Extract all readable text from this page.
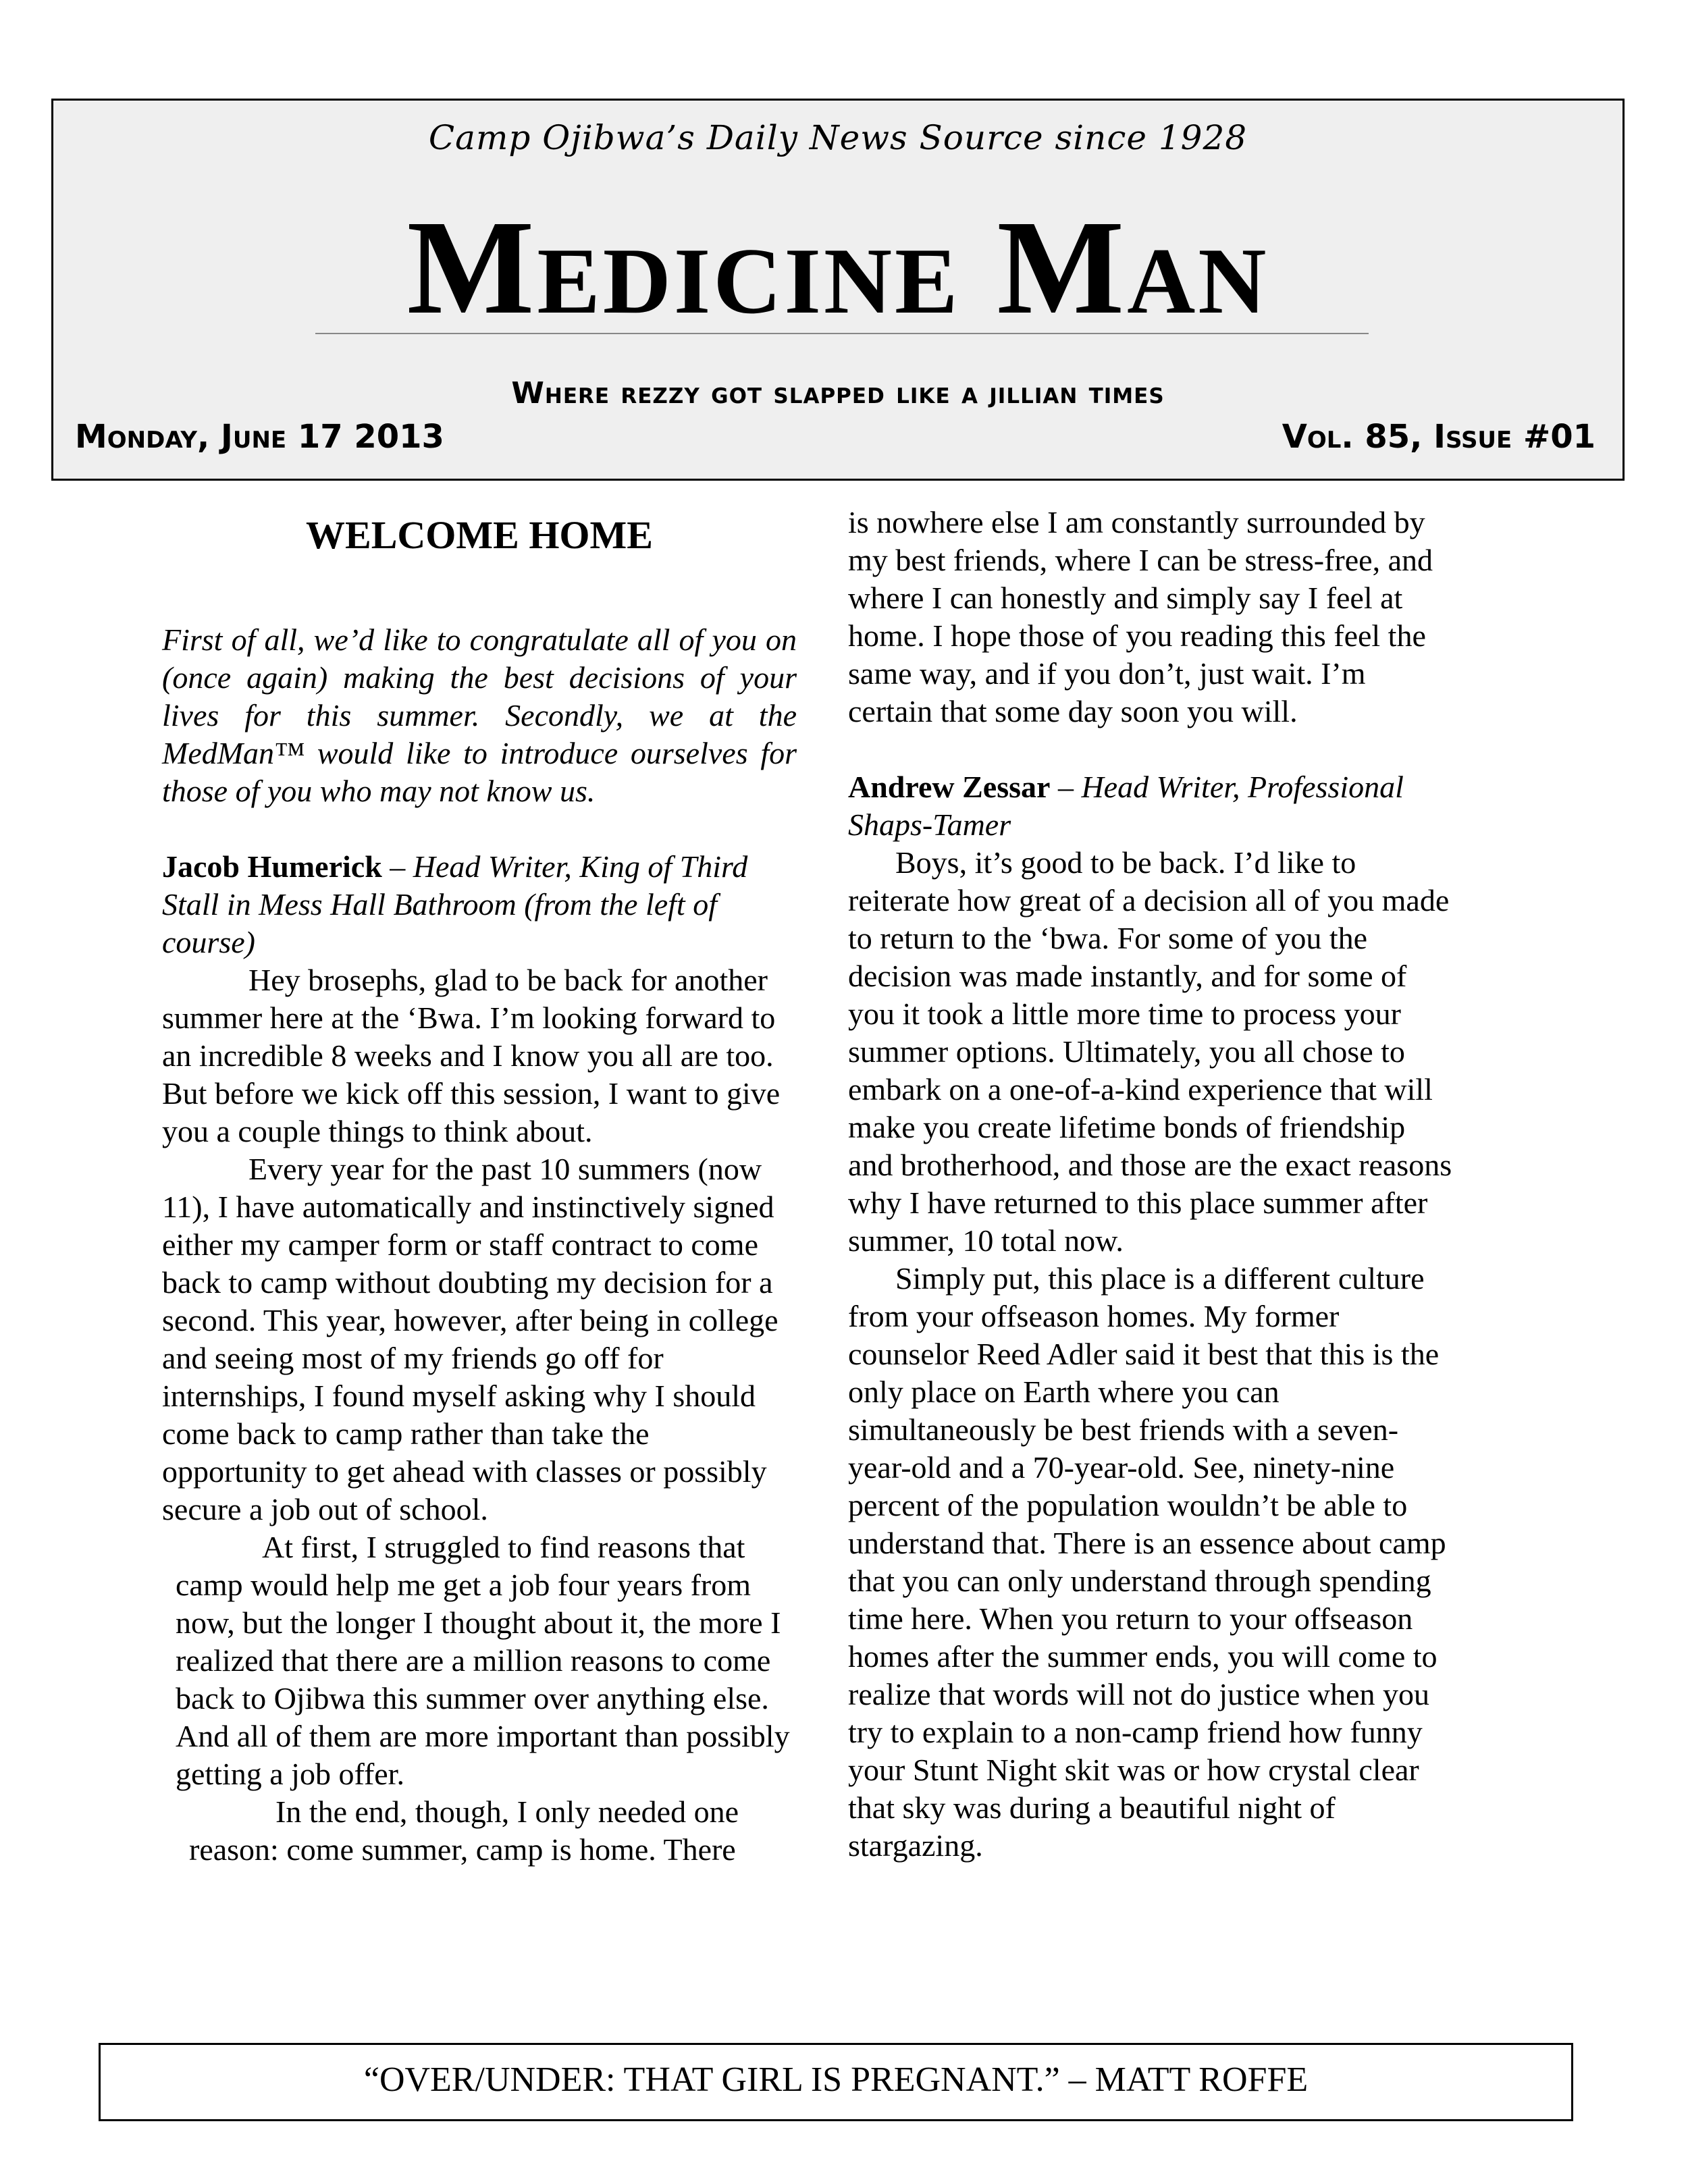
Camp Ojibwa’s Daily News Source since 1928
Medicine Man
Where rezzy got slapped like a jillian times
Monday, June 17 2013	Vol. 85, Issue #01
WELCOME HOME

First of all, we’d like to congratulate all of you on (once again) making the best decisions of your lives for this summer. Secondly, we at the MedMan™ would like to introduce ourselves for those of you who may not know us.

Jacob Humerick – Head Writer, King of Third Stall in Mess Hall Bathroom (from the left of course)

Hey brosephs, glad to be back for another summer here at the ‘Bwa. I’m looking forward to an incredible 8 weeks and I know you all are too. But before we kick off this session, I want to give you a couple things to think about.

Every year for the past 10 summers (now 11), I have automatically and instinctively signed either my camper form or staff contract to come back to camp without doubting my decision for a second. This year, however, after being in college and seeing most of my friends go off for internships, I found myself asking why I should come back to camp rather than take the opportunity to get ahead with classes or possibly secure a job out of school.

At first, I struggled to find reasons that camp would help me get a job four years from now, but the longer I thought about it, the more I realized that there are a million reasons to come back to Ojibwa this summer over anything else. And all of them are more important than possibly getting a job offer.

In the end, though, I only needed one reason: come summer, camp is home. There

is nowhere else I am constantly surrounded by my best friends, where I can be stress-free, and where I can honestly and simply say I feel at home. I hope those of you reading this feel the same way, and if you don’t, just wait. I’m certain that some day soon you will.

Andrew Zessar – Head Writer, Professional Shaps-Tamer

Boys, it’s good to be back. I’d like to reiterate how great of a decision all of you made to return to the ‘bwa. For some of you the decision was made instantly, and for some of you it took a little more time to process your summer options. Ultimately, you all chose to embark on a one-of-a-kind experience that will make you create lifetime bonds of friendship and brotherhood, and those are the exact reasons why I have returned to this place summer after summer, 10 total now.

Simply put, this place is a different culture from your offseason homes. My former counselor Reed Adler said it best that this is the only place on Earth where you can simultaneously be best friends with a seven-year-old and a 70-year-old. See, ninety-nine percent of the population wouldn’t be able to understand that. There is an essence about camp that you can only understand through spending time here. When you return to your offseason homes after the summer ends, you will come to realize that words will not do justice when you try to explain to a non-camp friend how funny your Stunt Night skit was or how crystal clear that sky was during a beautiful night of stargazing.

“OVER/UNDER: THAT GIRL IS PREGNANT.” – MATT ROFFE
